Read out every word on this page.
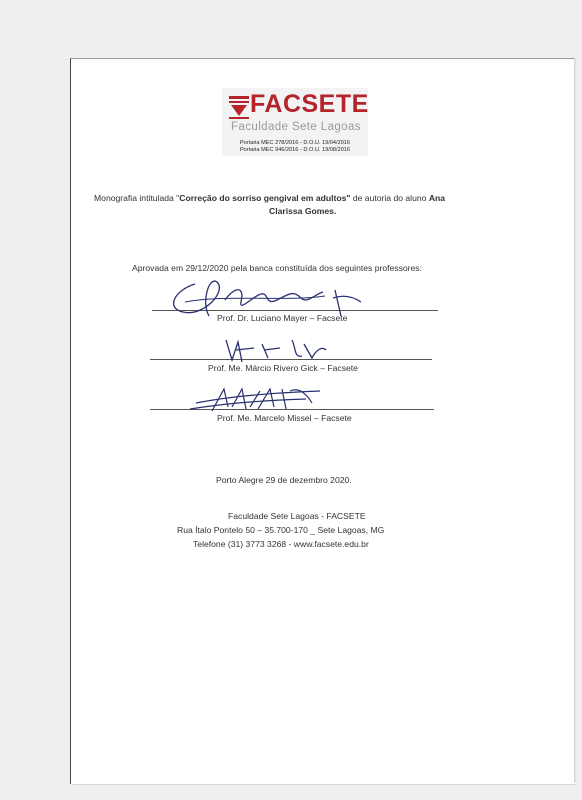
FACSETE
Faculdade Sete Lagoas
Portaria MEC 278/2016 - D.O.U. 19/04/2016
Portaria MEC 946/2016 - D.O.U. 19/08/2016
Monografia intitulada "Correção do sorriso gengival em adultos" de autoria do aluno Ana
Clarissa Gomes.
Aprovada em 29/12/2020 pela banca constituída dos seguintes professores:
Prof. Dr. Luciano Mayer – Facsete
Prof. Me. Márcio Rivero Gick – Facsete
Prof. Me. Marcelo Missel – Facsete
Porto Alegre 29 de dezembro 2020.
Faculdade Sete Lagoas - FACSETE
Rua Ítalo Pontelo 50 – 35.700-170 _ Sete Lagoas, MG
Telefone (31) 3773 3268 - www.facsete.edu.br
